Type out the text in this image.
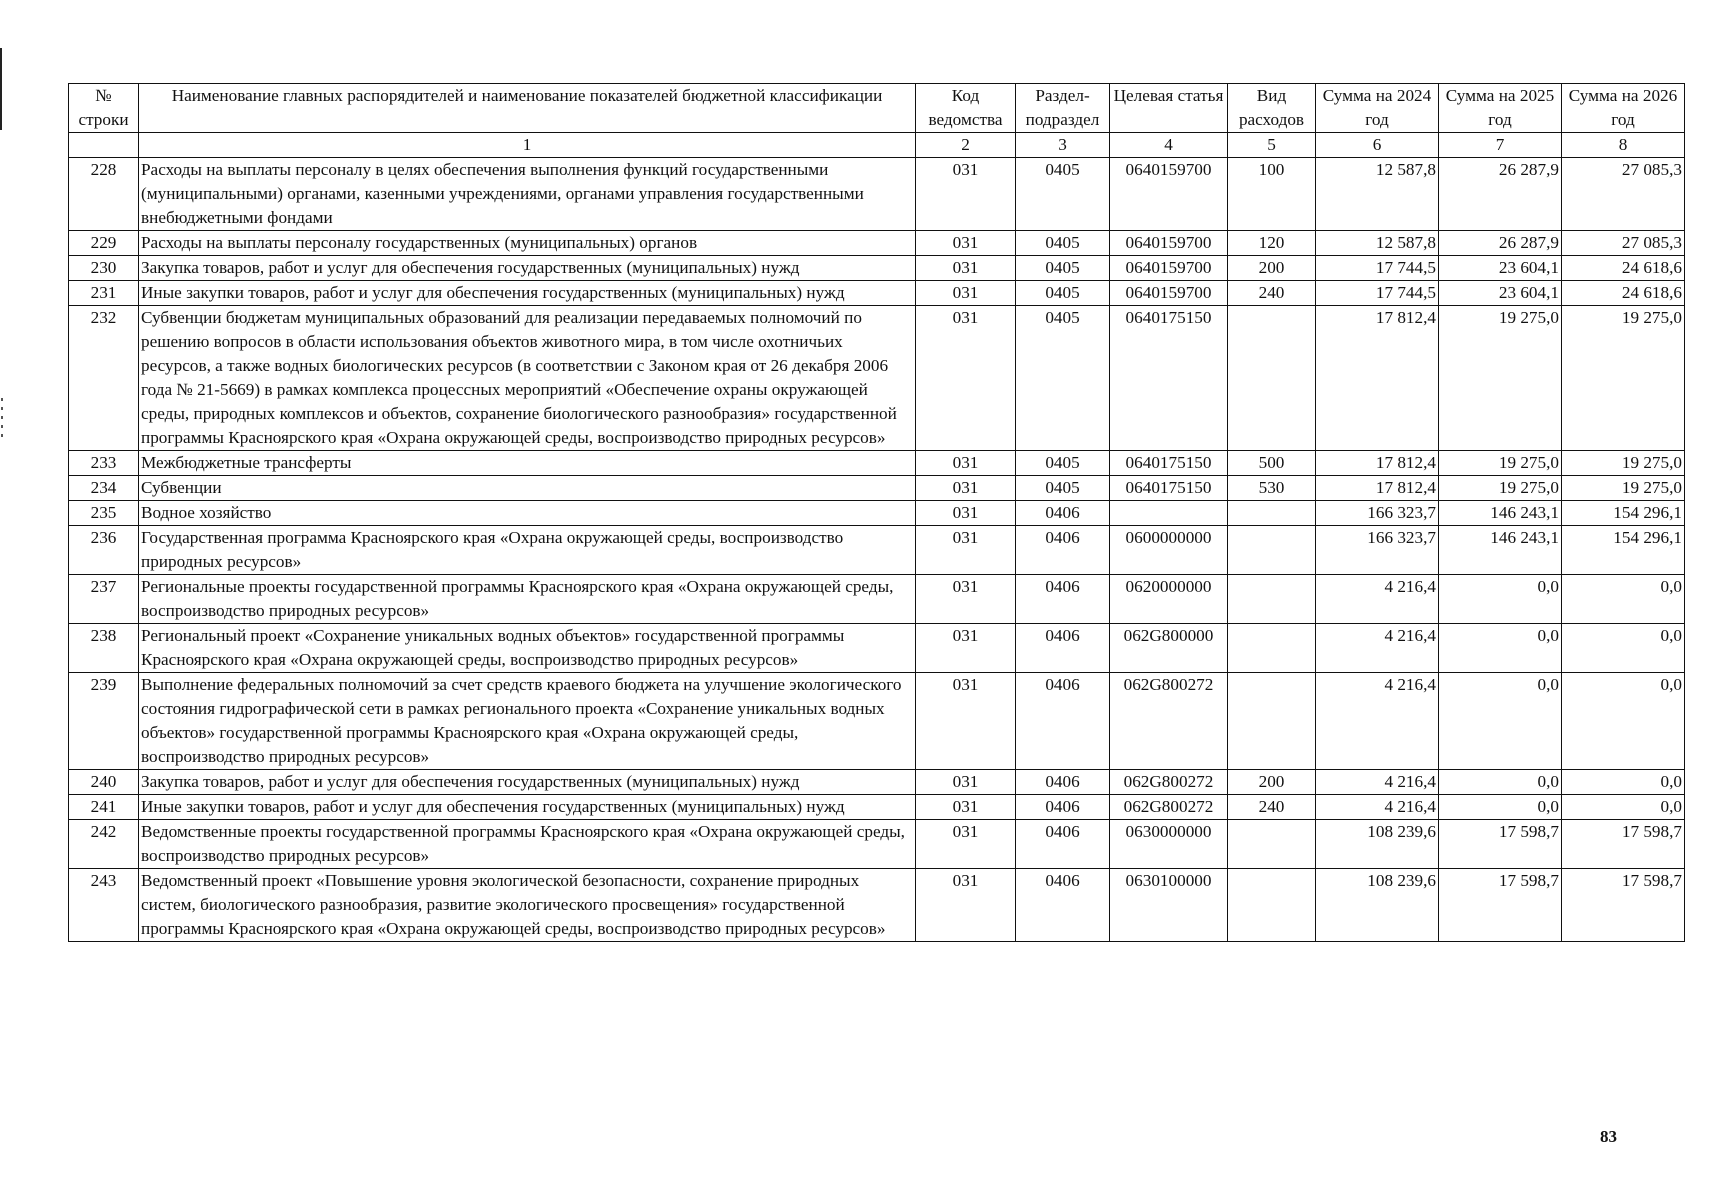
№ строки	Наименование главных распорядителей и наименование показателей бюджетной классификации	Код ведомства	Раздел-подраздел	Целевая статья	Вид расходов	Сумма на 2024 год	Сумма на 2025 год	Сумма на 2026 год
	1	2	3	4	5	6	7	8
228	Расходы на выплаты персоналу в целях обеспечения выполнения функций государственными (муниципальными) органами, казенными учреждениями, органами управления государственными внебюджетными фондами	031	0405	0640159700	100	12 587,8	26 287,9	27 085,3
229	Расходы на выплаты персоналу государственных (муниципальных) органов	031	0405	0640159700	120	12 587,8	26 287,9	27 085,3
230	Закупка товаров, работ и услуг для обеспечения государственных (муниципальных) нужд	031	0405	0640159700	200	17 744,5	23 604,1	24 618,6
231	Иные закупки товаров, работ и услуг для обеспечения государственных (муниципальных) нужд	031	0405	0640159700	240	17 744,5	23 604,1	24 618,6
232	Субвенции бюджетам муниципальных образований для реализации передаваемых полномочий по решению вопросов в области использования объектов животного мира, в том числе охотничьих ресурсов, а также водных биологических ресурсов (в соответствии с Законом края от 26 декабря 2006 года № 21-5669) в рамках комплекса процессных мероприятий «Обеспечение охраны окружающей среды, природных комплексов и объектов, сохранение биологического разнообразия» государственной программы Красноярского края «Охрана окружающей среды, воспроизводство природных ресурсов»	031	0405	0640175150		17 812,4	19 275,0	19 275,0
233	Межбюджетные трансферты	031	0405	0640175150	500	17 812,4	19 275,0	19 275,0
234	Субвенции	031	0405	0640175150	530	17 812,4	19 275,0	19 275,0
235	Водное хозяйство	031	0406			166 323,7	146 243,1	154 296,1
236	Государственная программа Красноярского края «Охрана окружающей среды, воспроизводство природных ресурсов»	031	0406	0600000000		166 323,7	146 243,1	154 296,1
237	Региональные проекты государственной программы Красноярского края «Охрана окружающей среды, воспроизводство природных ресурсов»	031	0406	0620000000		4 216,4	0,0	0,0
238	Региональный проект «Сохранение уникальных водных объектов» государственной программы Красноярского края «Охрана окружающей среды, воспроизводство природных ресурсов»	031	0406	062G800000		4 216,4	0,0	0,0
239	Выполнение федеральных полномочий за счет средств краевого бюджета на улучшение экологического состояния гидрографической сети в рамках регионального проекта «Сохранение уникальных водных объектов» государственной программы Красноярского края «Охрана окружающей среды, воспроизводство природных ресурсов»	031	0406	062G800272		4 216,4	0,0	0,0
240	Закупка товаров, работ и услуг для обеспечения государственных (муниципальных) нужд	031	0406	062G800272	200	4 216,4	0,0	0,0
241	Иные закупки товаров, работ и услуг для обеспечения государственных (муниципальных) нужд	031	0406	062G800272	240	4 216,4	0,0	0,0
242	Ведомственные проекты государственной программы Красноярского края «Охрана окружающей среды, воспроизводство природных ресурсов»	031	0406	0630000000		108 239,6	17 598,7	17 598,7
243	Ведомственный проект «Повышение уровня экологической безопасности, сохранение природных систем, биологического разнообразия, развитие экологического просвещения» государственной программы Красноярского края «Охрана окружающей среды, воспроизводство природных ресурсов»	031	0406	0630100000		108 239,6	17 598,7	17 598,7
83
